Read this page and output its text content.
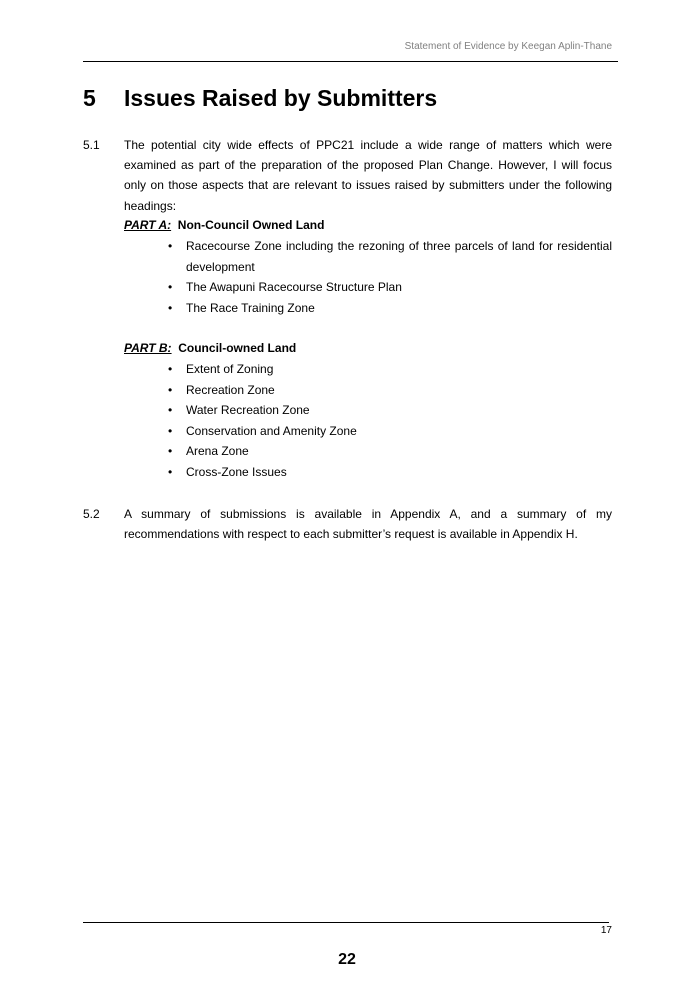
Statement of Evidence by Keegan Aplin-Thane
5 Issues Raised by Submitters
5.1 The potential city wide effects of PPC21 include a wide range of matters which were examined as part of the preparation of the proposed Plan Change. However, I will focus only on those aspects that are relevant to issues raised by submitters under the following headings:
PART A: Non-Council Owned Land
• Racecourse Zone including the rezoning of three parcels of land for residential development
• The Awapuni Racecourse Structure Plan
• The Race Training Zone
PART B: Council-owned Land
• Extent of Zoning
• Recreation Zone
• Water Recreation Zone
• Conservation and Amenity Zone
• Arena Zone
• Cross-Zone Issues
5.2 A summary of submissions is available in Appendix A, and a summary of my recommendations with respect to each submitter’s request is available in Appendix H.
17
22
